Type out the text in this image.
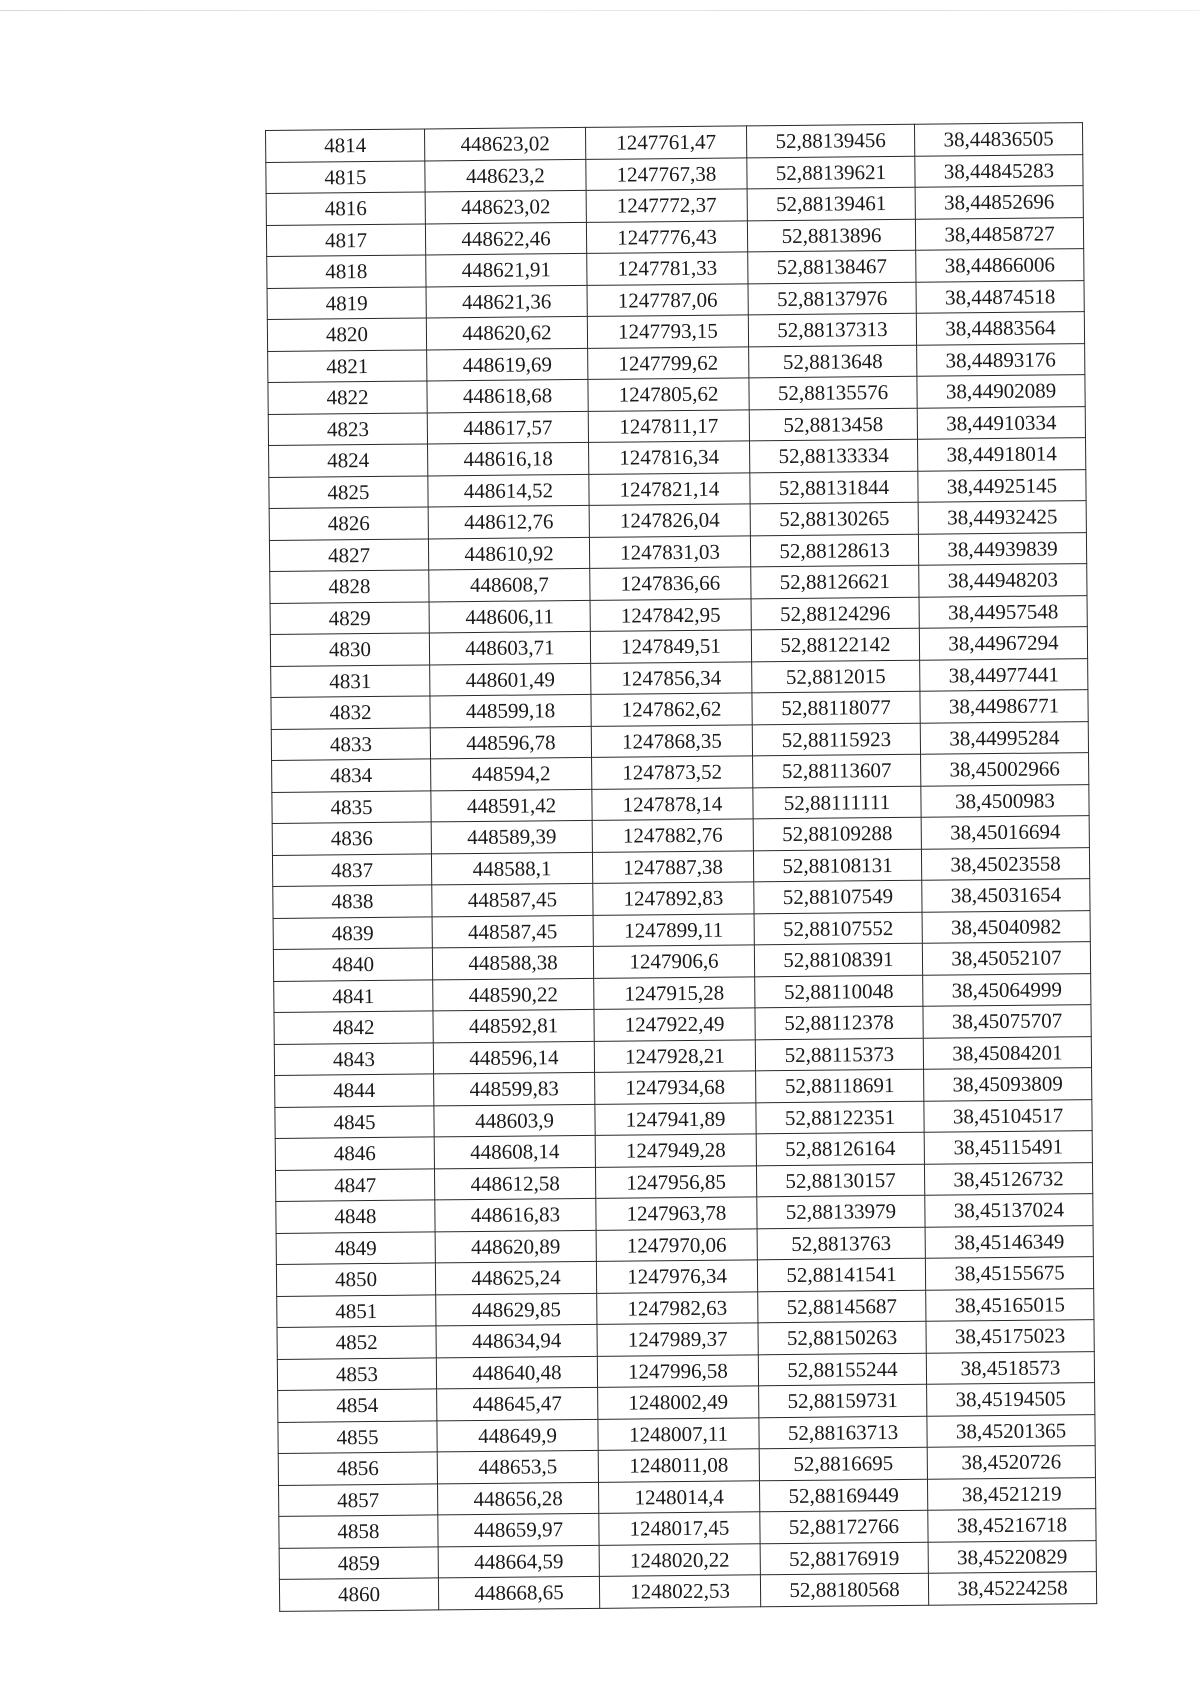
4814	448623,02	1247761,47	52,88139456	38,44836505
4815	448623,2	1247767,38	52,88139621	38,44845283
4816	448623,02	1247772,37	52,88139461	38,44852696
4817	448622,46	1247776,43	52,8813896	38,44858727
4818	448621,91	1247781,33	52,88138467	38,44866006
4819	448621,36	1247787,06	52,88137976	38,44874518
4820	448620,62	1247793,15	52,88137313	38,44883564
4821	448619,69	1247799,62	52,8813648	38,44893176
4822	448618,68	1247805,62	52,88135576	38,44902089
4823	448617,57	1247811,17	52,8813458	38,44910334
4824	448616,18	1247816,34	52,88133334	38,44918014
4825	448614,52	1247821,14	52,88131844	38,44925145
4826	448612,76	1247826,04	52,88130265	38,44932425
4827	448610,92	1247831,03	52,88128613	38,44939839
4828	448608,7	1247836,66	52,88126621	38,44948203
4829	448606,11	1247842,95	52,88124296	38,44957548
4830	448603,71	1247849,51	52,88122142	38,44967294
4831	448601,49	1247856,34	52,8812015	38,44977441
4832	448599,18	1247862,62	52,88118077	38,44986771
4833	448596,78	1247868,35	52,88115923	38,44995284
4834	448594,2	1247873,52	52,88113607	38,45002966
4835	448591,42	1247878,14	52,88111111	38,4500983
4836	448589,39	1247882,76	52,88109288	38,45016694
4837	448588,1	1247887,38	52,88108131	38,45023558
4838	448587,45	1247892,83	52,88107549	38,45031654
4839	448587,45	1247899,11	52,88107552	38,45040982
4840	448588,38	1247906,6	52,88108391	38,45052107
4841	448590,22	1247915,28	52,88110048	38,45064999
4842	448592,81	1247922,49	52,88112378	38,45075707
4843	448596,14	1247928,21	52,88115373	38,45084201
4844	448599,83	1247934,68	52,88118691	38,45093809
4845	448603,9	1247941,89	52,88122351	38,45104517
4846	448608,14	1247949,28	52,88126164	38,45115491
4847	448612,58	1247956,85	52,88130157	38,45126732
4848	448616,83	1247963,78	52,88133979	38,45137024
4849	448620,89	1247970,06	52,8813763	38,45146349
4850	448625,24	1247976,34	52,88141541	38,45155675
4851	448629,85	1247982,63	52,88145687	38,45165015
4852	448634,94	1247989,37	52,88150263	38,45175023
4853	448640,48	1247996,58	52,88155244	38,4518573
4854	448645,47	1248002,49	52,88159731	38,45194505
4855	448649,9	1248007,11	52,88163713	38,45201365
4856	448653,5	1248011,08	52,8816695	38,4520726
4857	448656,28	1248014,4	52,88169449	38,4521219
4858	448659,97	1248017,45	52,88172766	38,45216718
4859	448664,59	1248020,22	52,88176919	38,45220829
4860	448668,65	1248022,53	52,88180568	38,45224258
